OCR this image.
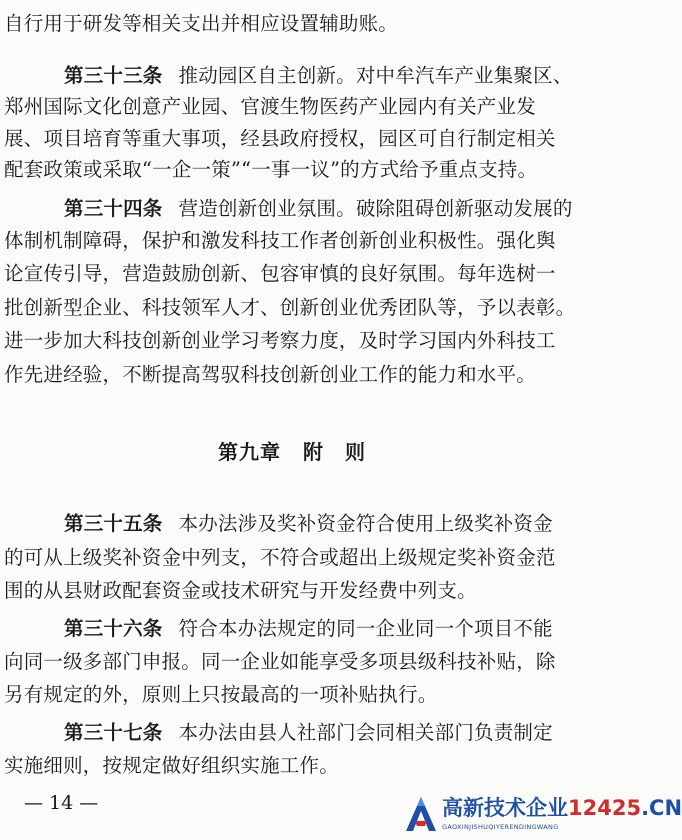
自行用于研发等相关支出并相应设置辅助账。
第三十三条 推动园区自主创新。对中牟汽车产业集聚区、
郑州国际文化创意产业园、官渡生物医药产业园内有关产业发
展、项目培育等重大事项，经县政府授权，园区可自行制定相关
配套政策或采取“一企一策”“一事一议”的方式给予重点支持。
第三十四条 营造创新创业氛围。破除阻碍创新驱动发展的
体制机制障碍，保护和激发科技工作者创新创业积极性。强化舆
论宣传引导，营造鼓励创新、包容审慎的良好氛围。每年选树一
批创新型企业、科技领军人才、创新创业优秀团队等，予以表彰。
进一步加大科技创新创业学习考察力度，及时学习国内外科技工
作先进经验，不断提高驾驭科技创新创业工作的能力和水平。
第九章 附　则
第三十五条 本办法涉及奖补资金符合使用上级奖补资金
的可从上级奖补资金中列支，不符合或超出上级规定奖补资金范
围的从县财政配套资金或技术研究与开发经费中列支。
第三十六条 符合本办法规定的同一企业同一个项目不能
向同一级多部门申报。同一企业如能享受多项县级科技补贴，除
另有规定的外，原则上只按最高的一项补贴执行。
第三十七条 本办法由县人社部门会同相关部门负责制定
实施细则，按规定做好组织实施工作。
— 14 —	高新技术企业12425.CN
GAOXINJISHUQIYERENDINGWANG
